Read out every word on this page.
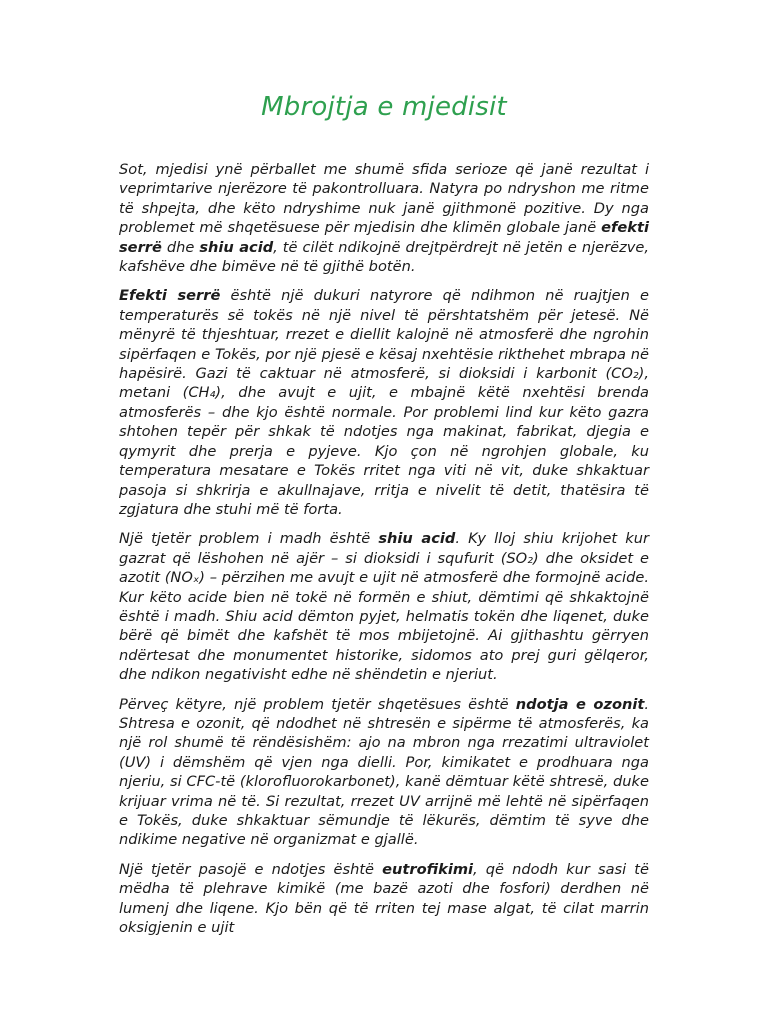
Mbrojtja e mjedisit

Sot, mjedisi ynë përballet me shumë sfida serioze që janë rezultat i veprimtarive njerëzore të pakontrolluara. Natyra po ndryshon me ritme të shpejta, dhe këto ndryshime nuk janë gjithmonë pozitive. Dy nga problemet më shqetësuese për mjedisin dhe klimën globale janë efekti serrë dhe shiu acid, të cilët ndikojnë drejtpërdrejt në jetën e njerëzve, kafshëve dhe bimëve në të gjithë botën.

Efekti serrë është një dukuri natyrore që ndihmon në ruajtjen e temperaturës së tokës në një nivel të përshtatshëm për jetesë. Në mënyrë të thjeshtuar, rrezet e diellit kalojnë në atmosferë dhe ngrohin sipërfaqen e Tokës, por një pjesë e kësaj nxehtësie rikthehet mbrapa në hapësirë. Gazi të caktuar në atmosferë, si dioksidi i karbonit (CO₂), metani (CH₄), dhe avujt e ujit, e mbajnë këtë nxehtësi brenda atmosferës – dhe kjo është normale. Por problemi lind kur këto gazra shtohen tepër për shkak të ndotjes nga makinat, fabrikat, djegia e qymyrit dhe prerja e pyjeve. Kjo çon në ngrohjen globale, ku temperatura mesatare e Tokës rritet nga viti në vit, duke shkaktuar pasoja si shkrirja e akullnajave, rritja e nivelit të detit, thatësira të zgjatura dhe stuhi më të forta.

Një tjetër problem i madh është shiu acid. Ky lloj shiu krijohet kur gazrat që lëshohen në ajër – si dioksidi i squfurit (SO₂) dhe oksidet e azotit (NOₓ) – përzihen me avujt e ujit në atmosferë dhe formojnë acide. Kur këto acide bien në tokë në formën e shiut, dëmtimi që shkaktojnë është i madh. Shiu acid dëmton pyjet, helmatis tokën dhe liqenet, duke bërë që bimët dhe kafshët të mos mbijetojnë. Ai gjithashtu gërryen ndërtesat dhe monumentet historike, sidomos ato prej guri gëlqeror, dhe ndikon negativisht edhe në shëndetin e njeriut.

Përveç këtyre, një problem tjetër shqetësues është ndotja e ozonit. Shtresa e ozonit, që ndodhet në shtresën e sipërme të atmosferës, ka një rol shumë të rëndësishëm: ajo na mbron nga rrezatimi ultraviolet (UV) i dëmshëm që vjen nga dielli. Por, kimikatet e prodhuara nga njeriu, si CFC-të (klorofluorokarbonet), kanë dëmtuar këtë shtresë, duke krijuar vrima në të. Si rezultat, rrezet UV arrijnë më lehtë në sipërfaqen e Tokës, duke shkaktuar sëmundje të lëkurës, dëmtim të syve dhe ndikime negative në organizmat e gjallë.

Një tjetër pasojë e ndotjes është eutrofikimi, që ndodh kur sasi të mëdha të plehrave kimikë (me bazë azoti dhe fosfori) derdhen në lumenj dhe liqene. Kjo bën që të rriten tej mase algat, të cilat marrin oksigjenin e ujit
